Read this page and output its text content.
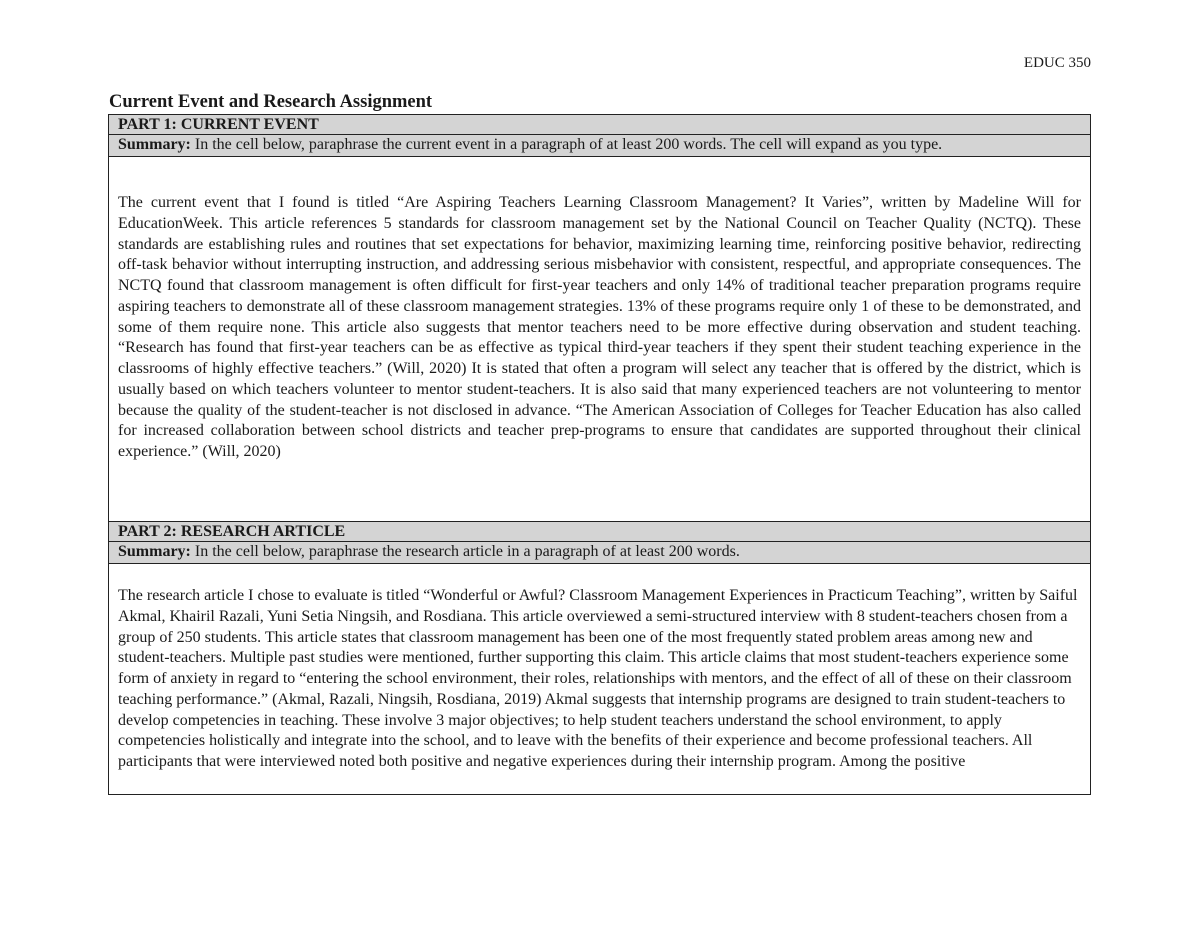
EDUC 350
Current Event and Research Assignment
PART 1: CURRENT EVENT
Summary: In the cell below, paraphrase the current event in a paragraph of at least 200 words. The cell will expand as you type.

The current event that I found is titled “Are Aspiring Teachers Learning Classroom Management? It Varies”, written by Madeline Will for EducationWeek. This article references 5 standards for classroom management set by the National Council on Teacher Quality (NCTQ). These standards are establishing rules and routines that set expectations for behavior, maximizing learning time, reinforcing positive behavior, redirecting off-task behavior without interrupting instruction, and addressing serious misbehavior with consistent, respectful, and appropriate consequences. The NCTQ found that classroom management is often difficult for first-year teachers and only 14% of traditional teacher preparation programs require aspiring teachers to demonstrate all of these classroom management strategies. 13% of these programs require only 1 of these to be demonstrated, and some of them require none. This article also suggests that mentor teachers need to be more effective during observation and student teaching. “Research has found that first-year teachers can be as effective as typical third-year teachers if they spent their student teaching experience in the classrooms of highly effective teachers.” (Will, 2020) It is stated that often a program will select any teacher that is offered by the district, which is usually based on which teachers volunteer to mentor student-teachers. It is also said that many experienced teachers are not volunteering to mentor because the quality of the student-teacher is not disclosed in advance. “The American Association of Colleges for Teacher Education has also called for increased collaboration between school districts and teacher prep-programs to ensure that candidates are supported throughout their clinical experience.” (Will, 2020)

PART 2: RESEARCH ARTICLE
Summary: In the cell below, paraphrase the research article in a paragraph of at least 200 words.

The research article I chose to evaluate is titled “Wonderful or Awful? Classroom Management Experiences in Practicum Teaching”, written by Saiful Akmal, Khairil Razali, Yuni Setia Ningsih, and Rosdiana. This article overviewed a semi-structured interview with 8 student-teachers chosen from a group of 250 students. This article states that classroom management has been one of the most frequently stated problem areas among new and student-teachers. Multiple past studies were mentioned, further supporting this claim. This article claims that most student-teachers experience some form of anxiety in regard to “entering the school environment, their roles, relationships with mentors, and the effect of all of these on their classroom teaching performance.” (Akmal, Razali, Ningsih, Rosdiana, 2019) Akmal suggests that internship programs are designed to train student-teachers to develop competencies in teaching. These involve 3 major objectives; to help student teachers understand the school environment, to apply competencies holistically and integrate into the school, and to leave with the benefits of their experience and become professional teachers. All participants that were interviewed noted both positive and negative experiences during their internship program. Among the positive
